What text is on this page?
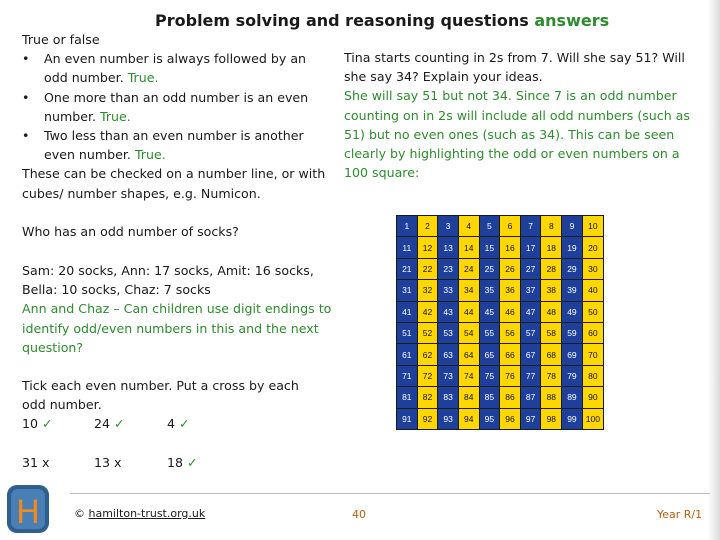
Problem solving and reasoning questions answers
True or false
• An even number is always followed by an odd number. True.
• One more than an odd number is an even number. True.
• Two less than an even number is another even number. True.
These can be checked on a number line, or with cubes/ number shapes, e.g. Numicon.
Tina starts counting in 2s from 7. Will she say 51? Will she say 34? Explain your ideas.
She will say 51 but not 34. Since 7 is an odd number counting on in 2s will include all odd numbers (such as 51) but no even ones (such as 34). This can be seen clearly by highlighting the odd or even numbers on a 100 square:
Who has an odd number of socks?
Sam: 20 socks, Ann: 17 socks, Amit: 16 socks, Bella: 10 socks, Chaz: 7 socks
Ann and Chaz – Can children use digit endings to identify odd/even numbers in this and the next question?
Tick each even number. Put a cross by each odd number.
10 ✓	24 ✓	4 ✓
31 x	13 x	18 ✓
1	2	3	4	5	6	7	8	9	10
11	12	13	14	15	16	17	18	19	20
21	22	23	24	25	26	27	28	29	30
31	32	33	34	35	36	37	38	39	40
41	42	43	44	45	46	47	48	49	50
51	52	53	54	55	56	57	58	59	60
61	62	63	64	65	66	67	68	69	70
71	72	73	74	75	76	77	78	79	80
81	82	83	84	85	86	87	88	89	90
91	92	93	94	95	96	97	98	99	100
H	© hamilton-trust.org.uk	40	Year R/1
